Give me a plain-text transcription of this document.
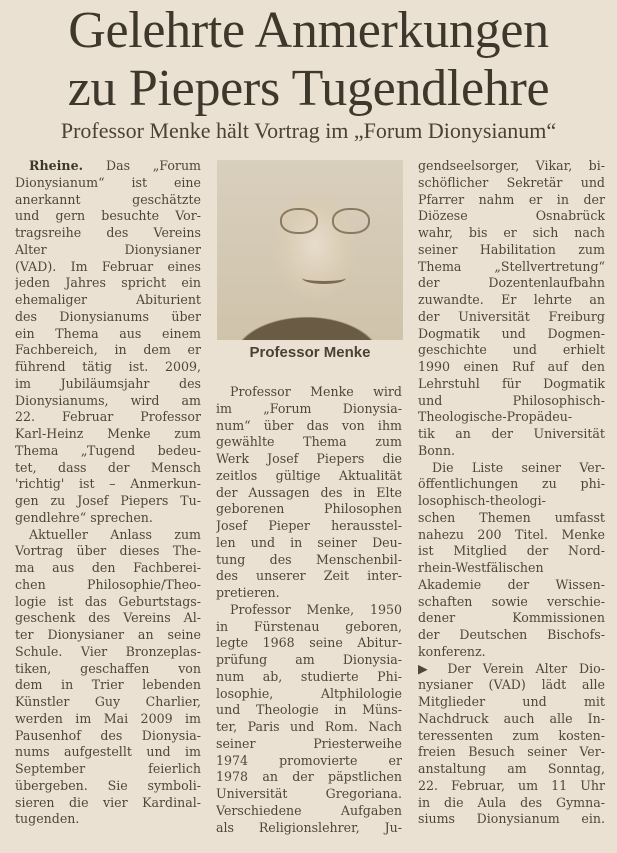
Gelehrte Anmerkungen
zu Piepers Tugendlehre
Professor Menke hält Vortrag im „Forum Dionysianum“
Professor Menke
Rheine. Das „Forum
Dionysianum“ ist eine
anerkannt geschätzte
und gern besuchte Vor-
tragsreihe des Vereins
Alter Dionysianer
(VAD). Im Februar eines
jeden Jahres spricht ein
ehemaliger Abiturient
des Dionysianums über
ein Thema aus einem
Fachbereich, in dem er
führend tätig ist. 2009,
im Jubiläumsjahr des
Dionysianums, wird am
22. Februar Professor
Karl-Heinz Menke zum
Thema „Tugend bedeu-
tet, dass der Mensch
'richtig' ist – Anmerkun-
gen zu Josef Piepers Tu-
gendlehre“ sprechen.
Aktueller Anlass zum
Vortrag über dieses The-
ma aus den Fachberei-
chen Philosophie/Theo-
logie ist das Geburtstags-
geschenk des Vereins Al-
ter Dionysianer an seine
Schule. Vier Bronzeplas-
tiken, geschaffen von
dem in Trier lebenden
Künstler Guy Charlier,
werden im Mai 2009 im
Pausenhof des Dionysia-
nums aufgestellt und im
September feierlich
übergeben. Sie symboli-
sieren die vier Kardinal-
tugenden.
Professor Menke wird
im „Forum Dionysia-
num“ über das von ihm
gewählte Thema zum
Werk Josef Piepers die
zeitlos gültige Aktualität
der Aussagen des in Elte
geborenen Philosophen
Josef Pieper herausstel-
len und in seiner Deu-
tung des Menschenbil-
des unserer Zeit inter-
pretieren.
Professor Menke, 1950
in Fürstenau geboren,
legte 1968 seine Abitur-
prüfung am Dionysia-
num ab, studierte Phi-
losophie, Altphilologie
und Theologie in Müns-
ter, Paris und Rom. Nach
seiner Priesterweihe
1974 promovierte er
1978 an der päpstlichen
Universität Gregoriana.
Verschiedene Aufgaben
als Religionslehrer, Ju-
gendseelsorger, Vikar, bi-
schöflicher Sekretär und
Pfarrer nahm er in der
Diözese Osnabrück
wahr, bis er sich nach
seiner Habilitation zum
Thema „Stellvertretung“
der Dozentenlaufbahn
zuwandte. Er lehrte an
der Universität Freiburg
Dogmatik und Dogmen-
geschichte und erhielt
1990 einen Ruf auf den
Lehrstuhl für Dogmatik
und Philosophisch-
Theologische-Propädeu-
tik an der Universität
Bonn.
Die Liste seiner Ver-
öffentlichungen zu phi-
losophisch-theologi-
schen Themen umfasst
nahezu 200 Titel. Menke
ist Mitglied der Nord-
rhein-Westfälischen
Akademie der Wissen-
schaften sowie verschie-
dener Kommissionen
der Deutschen Bischofs-
konferenz.
▶ Der Verein Alter Dio-
nysianer (VAD) lädt alle
Mitglieder und mit
Nachdruck auch alle In-
teressenten zum kosten-
freien Besuch seiner Ver-
anstaltung am Sonntag,
22. Februar, um 11 Uhr
in die Aula des Gymna-
siums Dionysianum ein.
